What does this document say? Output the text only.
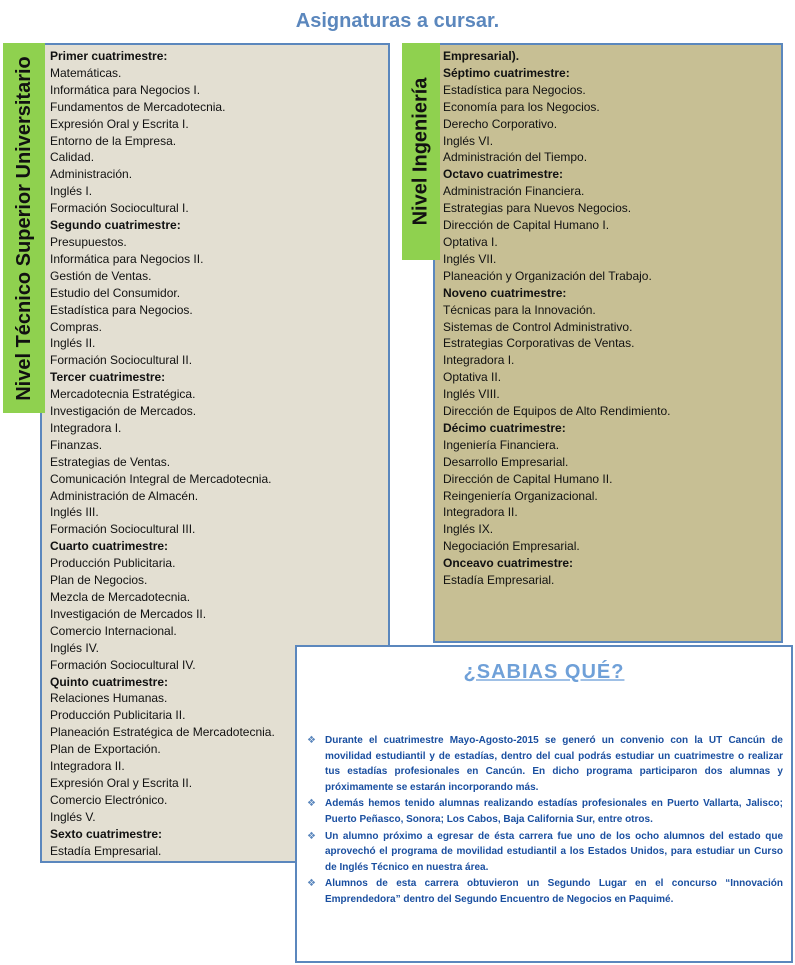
Asignaturas a cursar.
Nivel Técnico Superior Universitario	Nivel Ingeniería
Primer cuatrimestre:
Matemáticas.
Informática para Negocios I.
Fundamentos de Mercadotecnia.
Expresión Oral y Escrita I.
Entorno de la Empresa.
Calidad.
Administración.
Inglés I.
Formación Sociocultural I.
Segundo cuatrimestre:
Presupuestos.
Informática para Negocios II.
Gestión de Ventas.
Estudio del Consumidor.
Estadística para Negocios.
Compras.
Inglés II.
Formación Sociocultural II.
Tercer cuatrimestre:
Mercadotecnia Estratégica.
Investigación de Mercados.
Integradora I.
Finanzas.
Estrategias de Ventas.
Comunicación Integral de Mercadotecnia.
Administración de Almacén.
Inglés III.
Formación Sociocultural III.
Cuarto cuatrimestre:
Producción Publicitaria.
Plan de Negocios.
Mezcla de Mercadotecnia.
Investigación de Mercados II.
Comercio Internacional.
Inglés IV.
Formación Sociocultural IV.
Quinto cuatrimestre:
Relaciones Humanas.
Producción Publicitaria II.
Planeación Estratégica de Mercadotecnia.
Plan de Exportación.
Integradora II.
Expresión Oral y Escrita II.
Comercio Electrónico.
Inglés V.
Sexto cuatrimestre:
Estadía Empresarial.
Empresarial).
Séptimo cuatrimestre:
Estadística para Negocios.
Economía para los Negocios.
Derecho Corporativo.
Inglés VI.
Administración del Tiempo.
Octavo cuatrimestre:
Administración Financiera.
Estrategias para Nuevos Negocios.
Dirección de Capital Humano I.
Optativa I.
Inglés VII.
Planeación y Organización del Trabajo.
Noveno cuatrimestre:
Técnicas para la Innovación.
Sistemas de Control Administrativo.
Estrategias Corporativas de Ventas.
Integradora I.
Optativa II.
Inglés VIII.
Dirección de Equipos de Alto Rendimiento.
Décimo cuatrimestre:
Ingeniería Financiera.
Desarrollo Empresarial.
Dirección de Capital Humano II.
Reingeniería Organizacional.
Integradora II.
Inglés IX.
Negociación Empresarial.
Onceavo cuatrimestre:
Estadía Empresarial.
¿SABIAS QUÉ?
❖ Durante el cuatrimestre Mayo-Agosto-2015 se generó un convenio con la UT Cancún de movilidad estudiantil y de estadías, dentro del cual podrás estudiar un cuatrimestre o realizar tus estadías profesionales en Cancún. En dicho programa participaron dos alumnas y próximamente se estarán incorporando más.
❖ Además hemos tenido alumnas realizando estadías profesionales en Puerto Vallarta, Jalisco; Puerto Peñasco, Sonora; Los Cabos, Baja California Sur, entre otros.
❖ Un alumno próximo a egresar de ésta carrera fue uno de los ocho alumnos del estado que aprovechó el programa de movilidad estudiantil a los Estados Unidos, para estudiar un Curso de Inglés Técnico en nuestra área.
❖ Alumnos de esta carrera obtuvieron un Segundo Lugar en el concurso “Innovación Emprendedora” dentro del Segundo Encuentro de Negocios en Paquimé.
